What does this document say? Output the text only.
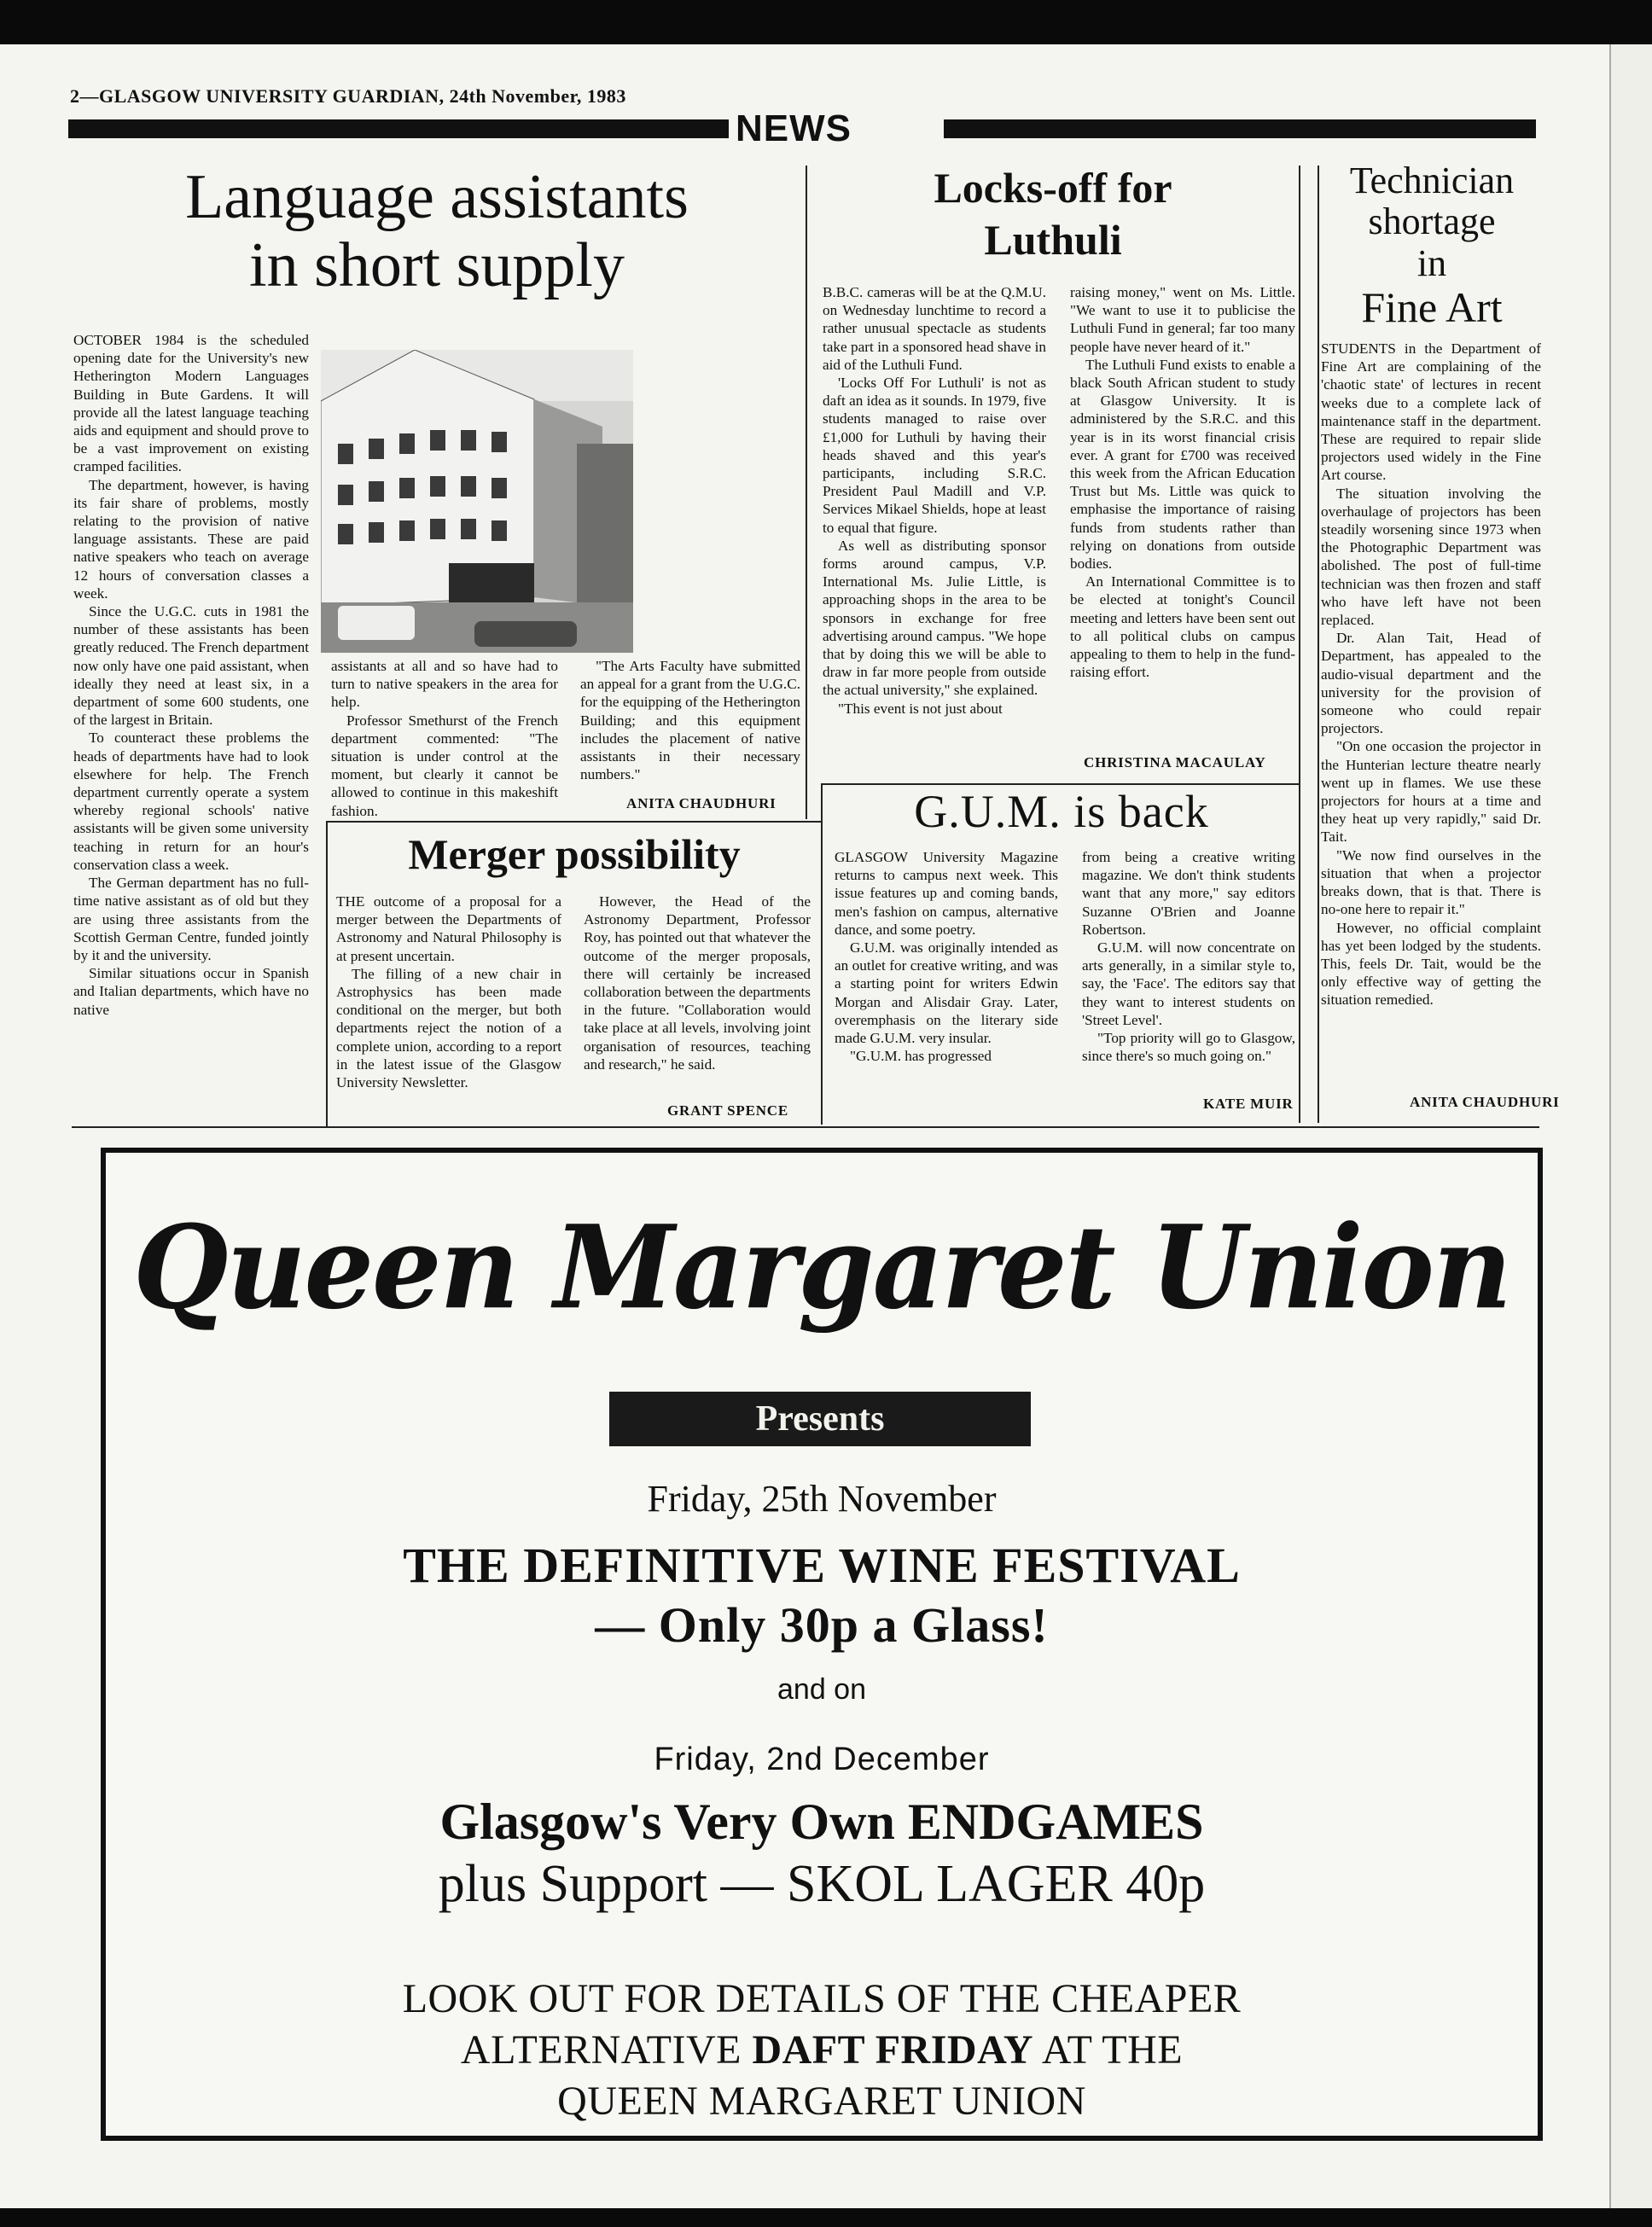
2—GLASGOW UNIVERSITY GUARDIAN, 24th November, 1983
NEWS
Language assistants
in short supply

OCTOBER 1984 is the scheduled opening date for the University's new Hetherington Modern Languages Building in Bute Gardens. It will provide all the latest language teaching aids and equipment and should prove to be a vast improvement on existing cramped facilities.

The department, however, is having its fair share of problems, mostly relating to the provision of native language assistants. These are paid native speakers who teach on average 12 hours of conversation classes a week.

Since the U.G.C. cuts in 1981 the number of these assistants has been greatly reduced. The French department now only have one paid assistant, when ideally they need at least six, in a department of some 600 students, one of the largest in Britain.

To counteract these problems the heads of departments have had to look elsewhere for help. The French department currently operate a system whereby regional schools' native assistants will be given some university teaching in return for an hour's conservation class a week.

The German department has no full-time native assistant as of old but they are using three assistants from the Scottish German Centre, funded jointly by it and the university.

Similar situations occur in Spanish and Italian departments, which have no native

assistants at all and so have had to turn to native speakers in the area for help.

Professor Smethurst of the French department commented: "The situation is under control at the moment, but clearly it cannot be allowed to continue in this makeshift fashion.

"The Arts Faculty have submitted an appeal for a grant from the U.G.C. for the equipping of the Hetherington Building; and this equipment includes the placement of native assistants in their necessary numbers."

ANITA CHAUDHURI
Merger possibility

THE outcome of a proposal for a merger between the Departments of Astronomy and Natural Philosophy is at present uncertain.

The filling of a new chair in Astrophysics has been made conditional on the merger, but both departments reject the notion of a complete union, according to a report in the latest issue of the Glasgow University Newsletter.

However, the Head of the Astronomy Department, Professor Roy, has pointed out that whatever the outcome of the merger proposals, there will certainly be increased collaboration between the departments in the future. "Collaboration would take place at all levels, involving joint organisation of resources, teaching and research," he said.

GRANT SPENCE
Locks-off for
Luthuli

B.B.C. cameras will be at the Q.M.U. on Wednesday lunchtime to record a rather unusual spectacle as students take part in a sponsored head shave in aid of the Luthuli Fund.

'Locks Off For Luthuli' is not as daft an idea as it sounds. In 1979, five students managed to raise over £1,000 for Luthuli by having their heads shaved and this year's participants, including S.R.C. President Paul Madill and V.P. Services Mikael Shields, hope at least to equal that figure.

As well as distributing sponsor forms around campus, V.P. International Ms. Julie Little, is approaching shops in the area to be sponsors in exchange for free advertising around campus. "We hope that by doing this we will be able to draw in far more people from outside the actual university," she explained.

"This event is not just about

raising money," went on Ms. Little. "We want to use it to publicise the Luthuli Fund in general; far too many people have never heard of it."

The Luthuli Fund exists to enable a black South African student to study at Glasgow University. It is administered by the S.R.C. and this year is in its worst financial crisis ever. A grant for £700 was received this week from the African Education Trust but Ms. Little was quick to emphasise the importance of raising funds from students rather than relying on donations from outside bodies.

An International Committee is to be elected at tonight's Council meeting and letters have been sent out to all political clubs on campus appealing to them to help in the fund-raising effort.

CHRISTINA MACAULAY
G.U.M. is back

GLASGOW University Magazine returns to campus next week. This issue features up and coming bands, men's fashion on campus, alternative dance, and some poetry.

G.U.M. was originally intended as an outlet for creative writing, and was a starting point for writers Edwin Morgan and Alisdair Gray. Later, overemphasis on the literary side made G.U.M. very insular.

"G.U.M. has progressed

from being a creative writing magazine. We don't think students want that any more," say editors Suzanne O'Brien and Joanne Robertson.

G.U.M. will now concentrate on arts generally, in a similar style to, say, the 'Face'. The editors say that they want to interest students on 'Street Level'.

"Top priority will go to Glasgow, since there's so much going on."

KATE MUIR
Technician
shortage
in
Fine Art

STUDENTS in the Department of Fine Art are complaining of the 'chaotic state' of lectures in recent weeks due to a complete lack of maintenance staff in the department. These are required to repair slide projectors used widely in the Fine Art course.

The situation involving the overhaulage of projectors has been steadily worsening since 1973 when the Photographic Department was abolished. The post of full-time technician was then frozen and staff who have left have not been replaced.

Dr. Alan Tait, Head of Department, has appealed to the audio-visual department and the university for the provision of someone who could repair projectors.

"On one occasion the projector in the Hunterian lecture theatre nearly went up in flames. We use these projectors for hours at a time and they heat up very rapidly," said Dr. Tait.

"We now find ourselves in the situation that when a projector breaks down, that is that. There is no-one here to repair it."

However, no official complaint has yet been lodged by the students. This, feels Dr. Tait, would be the only effective way of getting the situation remedied.

ANITA CHAUDHURI
Queen Margaret Union
Presents
Friday, 25th November
THE DEFINITIVE WINE FESTIVAL
— Only 30p a Glass!
and on
Friday, 2nd December
Glasgow's Very Own ENDGAMES
plus Support — SKOL LAGER 40p
LOOK OUT FOR DETAILS OF THE CHEAPER
ALTERNATIVE DAFT FRIDAY AT THE
QUEEN MARGARET UNION
